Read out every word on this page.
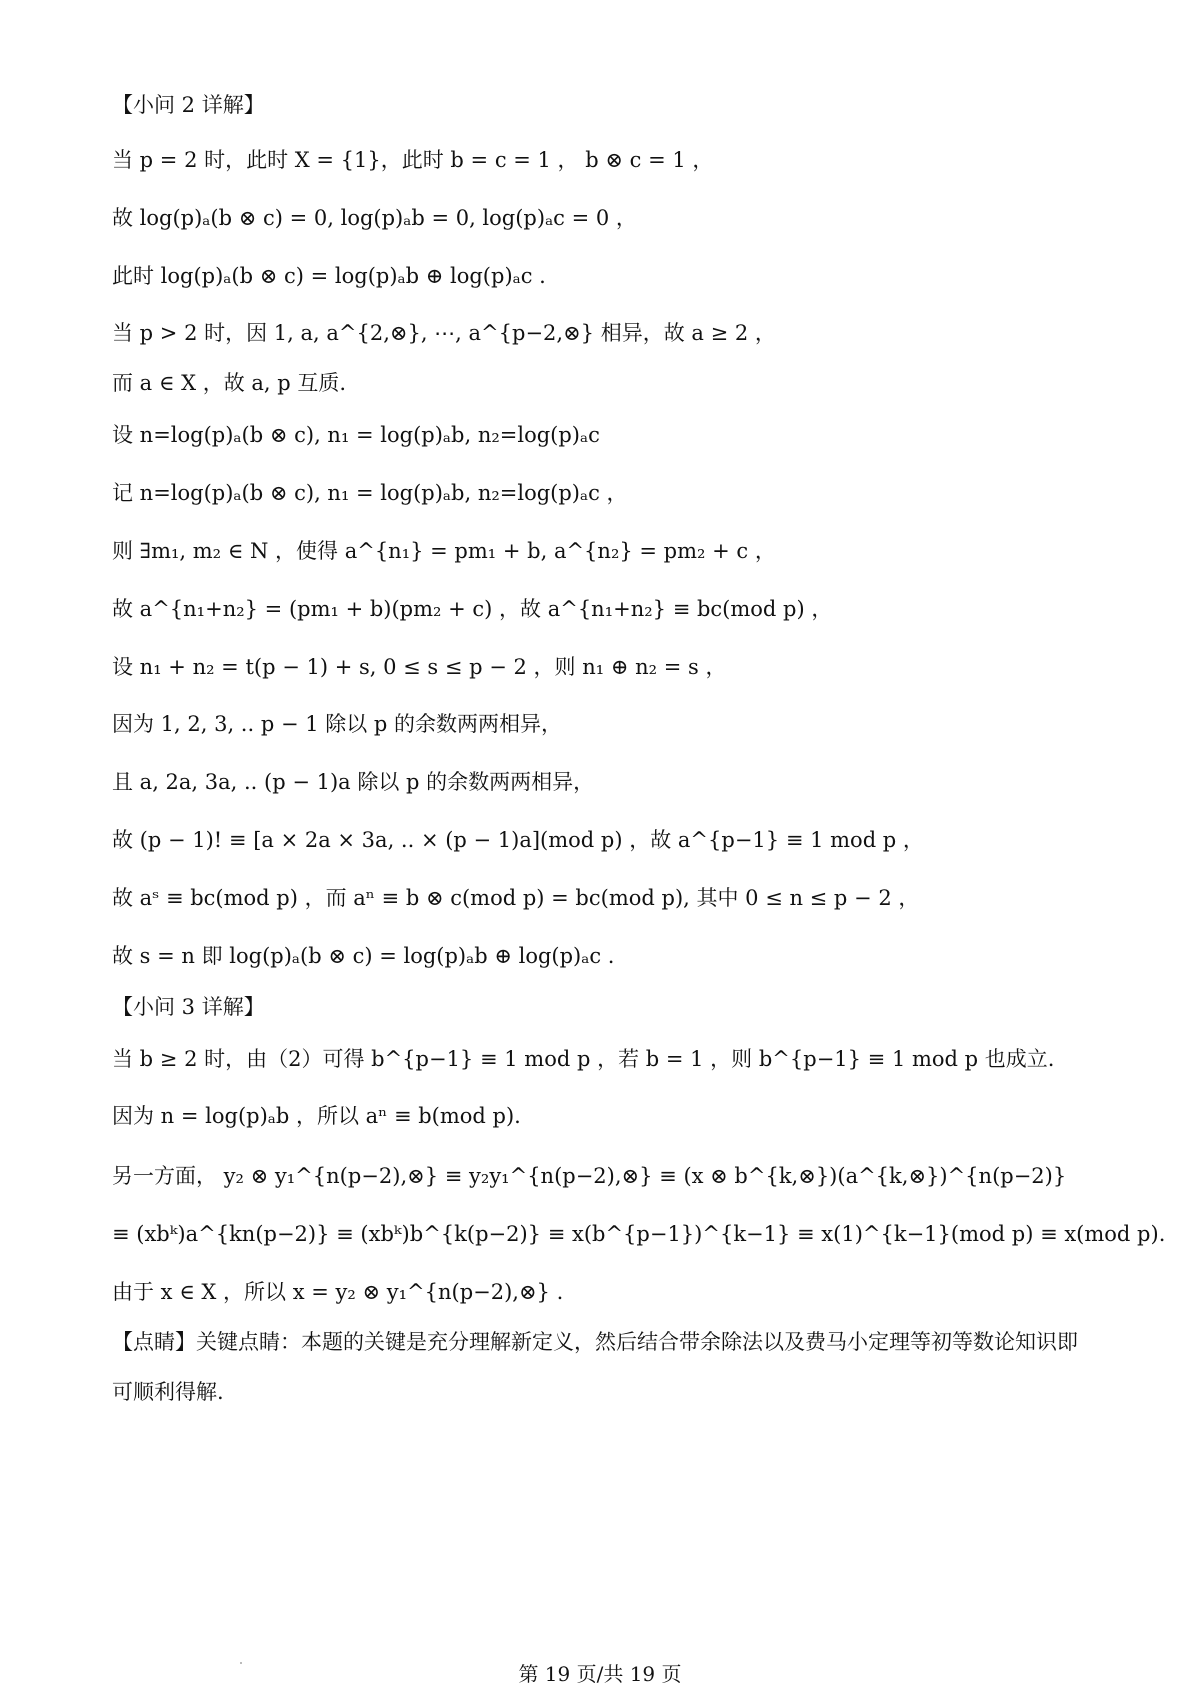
【小问 2 详解】
当 p = 2 时，此时 X = {1}，此时 b = c = 1 ， b ⊗ c = 1 ，
故 log(p)ₐ(b ⊗ c) = 0, log(p)ₐb = 0, log(p)ₐc = 0 ，
此时 log(p)ₐ(b ⊗ c) = log(p)ₐb ⊕ log(p)ₐc .
当 p > 2 时，因 1, a, a^{2,⊗}, ⋯, a^{p−2,⊗} 相异，故 a ≥ 2 ，
而 a ∈ X ，故 a, p 互质.
设 n=log(p)ₐ(b ⊗ c), n₁ = log(p)ₐb, n₂=log(p)ₐc
记 n=log(p)ₐ(b ⊗ c), n₁ = log(p)ₐb, n₂=log(p)ₐc ，
则 ∃m₁, m₂ ∈ N ，使得 a^{n₁} = pm₁ + b, a^{n₂} = pm₂ + c ，
故 a^{n₁+n₂} = (pm₁ + b)(pm₂ + c) ，故 a^{n₁+n₂} ≡ bc(mod p) ，
设 n₁ + n₂ = t(p − 1) + s, 0 ≤ s ≤ p − 2 ，则 n₁ ⊕ n₂ = s ，
因为 1, 2, 3, .. p − 1 除以 p 的余数两两相异，
且 a, 2a, 3a, .. (p − 1)a 除以 p 的余数两两相异，
故 (p − 1)! ≡ [a × 2a × 3a, .. × (p − 1)a](mod p) ，故 a^{p−1} ≡ 1 mod p ，
故 aˢ ≡ bc(mod p) ，而 aⁿ ≡ b ⊗ c(mod p) = bc(mod p), 其中 0 ≤ n ≤ p − 2 ，
故 s = n 即 log(p)ₐ(b ⊗ c) = log(p)ₐb ⊕ log(p)ₐc .
【小问 3 详解】
当 b ≥ 2 时，由（2）可得 b^{p−1} ≡ 1 mod p ，若 b = 1 ，则 b^{p−1} ≡ 1 mod p 也成立.
因为 n = log(p)ₐb ，所以 aⁿ ≡ b(mod p).
另一方面， y₂ ⊗ y₁^{n(p−2),⊗} ≡ y₂y₁^{n(p−2),⊗} ≡ (x ⊗ b^{k,⊗})(a^{k,⊗})^{n(p−2)}
≡ (xbᵏ)a^{kn(p−2)} ≡ (xbᵏ)b^{k(p−2)} ≡ x(b^{p−1})^{k−1} ≡ x(1)^{k−1}(mod p) ≡ x(mod p).
由于 x ∈ X ，所以 x = y₂ ⊗ y₁^{n(p−2),⊗} .
【点睛】关键点睛：本题的关键是充分理解新定义，然后结合带余除法以及费马小定理等初等数论知识即
可顺利得解.
第 19 页/共 19 页
